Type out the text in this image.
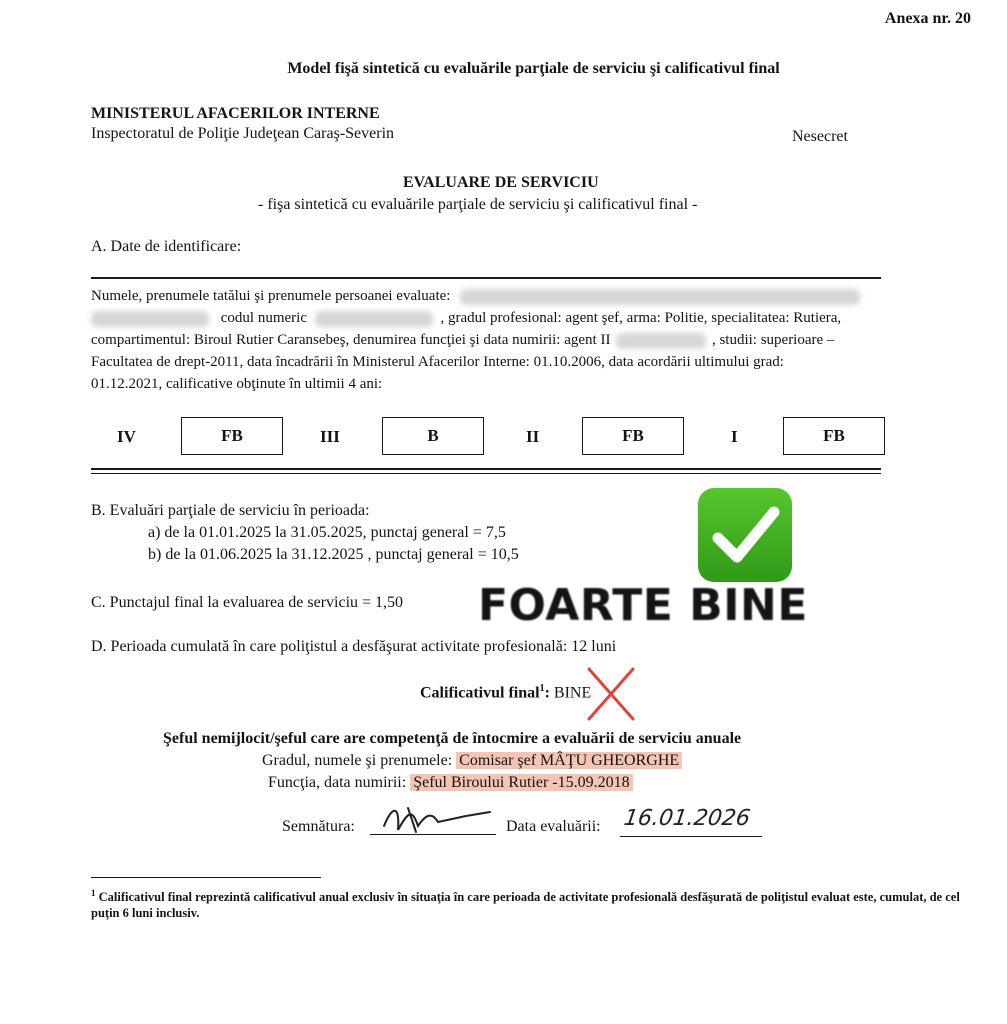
Anexa nr. 20
Model fişă sintetică cu evaluările parţiale de serviciu şi calificativul final
MINISTERUL AFACERILOR INTERNE
Inspectoratul de Poliţie Judeţean Caraş-Severin	Nesecret
EVALUARE DE SERVICIU
- fişa sintetică cu evaluările parţiale de serviciu şi calificativul final -
A. Date de identificare:
Numele, prenumele tatălui şi prenumele persoanei evaluate:
codul numeric	, gradul profesional: agent şef, arma: Politie, specialitatea: Rutiera,
compartimentul: Biroul Rutier Caransebeş, denumirea funcţiei şi data numirii: agent II	, studii: superioare –
Facultatea de drept-2011, data încadrării în Ministerul Afacerilor Interne: 01.10.2006, data acordării ultimului grad:
01.12.2021, calificative obţinute în ultimii 4 ani:
IV	FB	III	B	II	FB	I	FB
B. Evaluări parţiale de serviciu în perioada:
a) de la 01.01.2025 la 31.05.2025, punctaj general = 7,5
b) de la 01.06.2025 la 31.12.2025 , punctaj general = 10,5
C. Punctajul final la evaluarea de serviciu = 1,50 FOARTE BINE
D. Perioada cumulată în care poliţistul a desfăşurat activitate profesională: 12 luni
Calificativul final$^1$: BINE
Şeful nemijlocit/şeful care are competenţă de întocmire a evaluării de serviciu anuale
Gradul, numele şi prenumele: Comisar şef MÂŢU GHEORGHE
Funcţia, data numirii: Şeful Biroului Rutier -15.09.2018
Semnătura:	Data evaluării: 16.01.2026
$^1$ Calificativul final reprezintă calificativul anual exclusiv în situaţia în care perioada de activitate profesională desfăşurată de poliţistul evaluat este, cumulat, de cel puţin 6 luni inclusiv.
